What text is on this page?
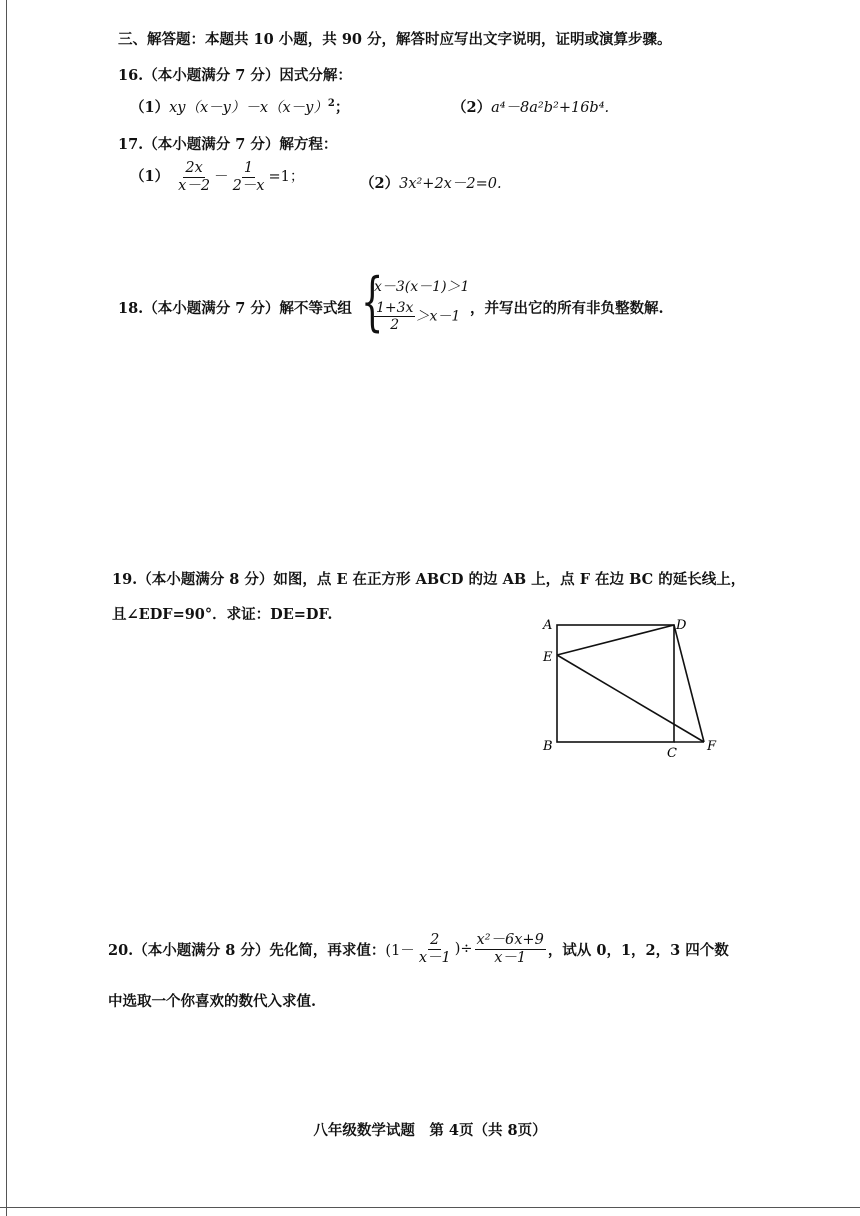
三、解答题：本题共 10 小题，共 90 分，解答时应写出文字说明，证明或演算步骤。
16.（本小题满分 7 分）因式分解：
$(1)xy(x-y)-x(x-y)^2$；	（2）a⁴－8a²b²+16b⁴.
17.（本小题满分 7 分）解方程：
$(1) \frac{2x}{x-2} - \frac{1}{2-x} =1$；	（2）3x²+2x－2=0.
18.（本小题满分 7 分）解不等式组 {
x－3(x－1)＞1
$\frac{1+3x}{2} >x-1$ ，并写出它的所有非负整数解.
19.（本小题满分 8 分）如图，点 E 在正方形 ABCD 的边 AB 上，点 F 在边 BC 的延长线上，
且∠EDF=90°．求证：DE=DF.
A
E
B
D
C F
20.（本小题满分 8 分）先化简，再求值： ($1- \frac{2}{x-1}$ )÷ $\frac{\text{x²－6x+9}}{x-1}$ ，试从 0，1，2，3 四个数
中选取一个你喜欢的数代入求值.
八年级数学试题　第 4页（共 8页）
